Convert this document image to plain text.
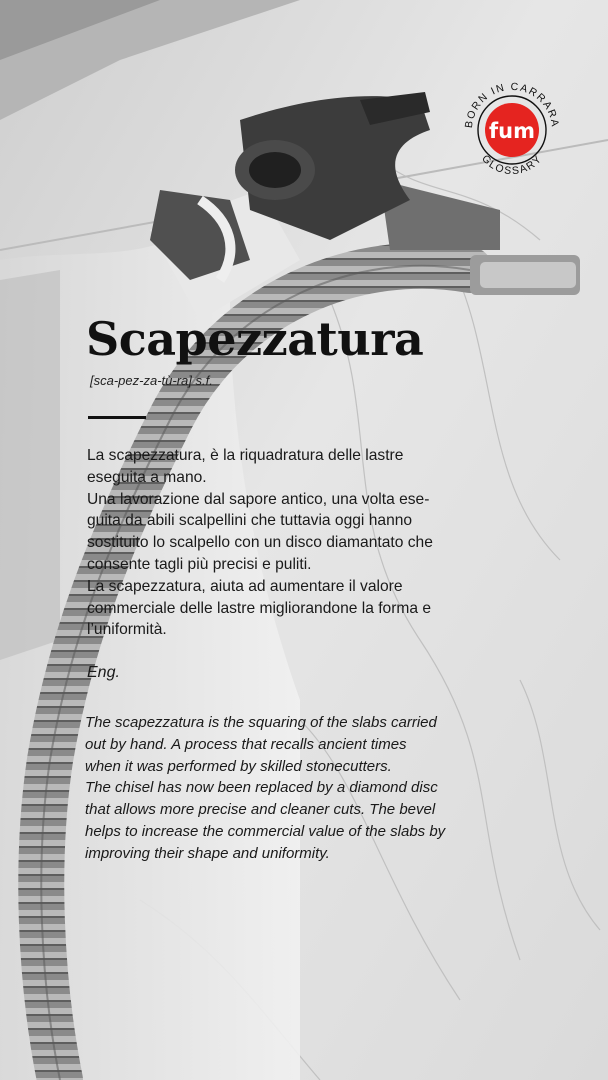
BORN IN CARRARA
GLOSSARY
fum
Scapezzatura
[sca-pez-za-tù-ra] s.f.
La scapezzatura, è la riquadratura delle lastre
eseguita a mano.
Una lavorazione dal sapore antico, una volta ese-
guita da abili scalpellini che tuttavia oggi hanno
sostituito lo scalpello con un disco diamantato che
consente tagli più precisi e puliti.
La scapezzatura, aiuta ad aumentare il valore
commerciale delle lastre migliorandone la forma e
l’uniformità.
Eng.
The scapezzatura is the squaring of the slabs carried
out by hand. A process that recalls ancient times
when it was performed by skilled stonecutters.
The chisel has now been replaced by a diamond disc
that allows more precise and cleaner cuts. The bevel
helps to increase the commercial value of the slabs by
improving their shape and uniformity.
